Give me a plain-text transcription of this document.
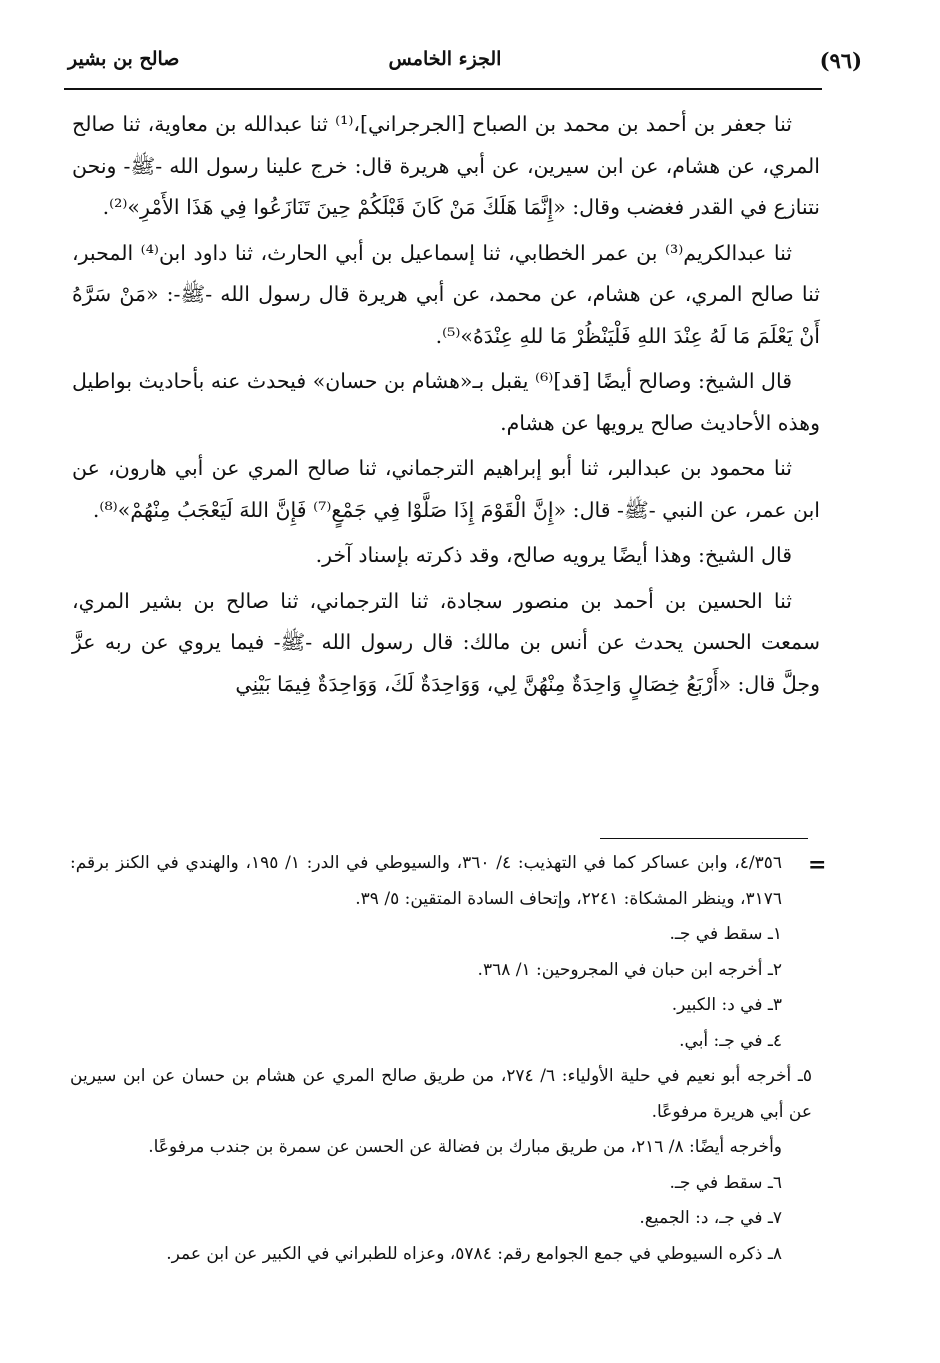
صالح بن بشير	الجزء الخامس	(٩٦)

ثنا جعفر بن أحمد بن محمد بن الصباح [الجرجراني]،⁽¹⁾ ثنا عبدالله بن معاوية، ثنا صالح المري، عن هشام، عن ابن سيرين، عن أبي هريرة قال: خرج علينا رسول الله -ﷺ- ونحن نتنازع في القدر فغضب وقال: «إِنَّمَا هَلَكَ مَنْ كَانَ قَبْلَكُمْ حِينَ تَنَازَعُوا فِي هَذَا الأَمْرِ»⁽²⁾.

ثنا عبدالكريم⁽³⁾ بن عمر الخطابي، ثنا إسماعيل بن أبي الحارث، ثنا داود ابن⁽⁴⁾ المحبر، ثنا صالح المري، عن هشام، عن محمد، عن أبي هريرة قال رسول الله -ﷺ-: «مَنْ سَرَّهُ أَنْ يَعْلَمَ مَا لَهُ عِنْدَ اللهِ فَلْيَنْظُرْ مَا للهِ عِنْدَهُ»⁽⁵⁾.

قال الشيخ: وصالح أيضًا [قد]⁽⁶⁾ يقبل بـ«هشام بن حسان» فيحدث عنه بأحاديث بواطيل وهذه الأحاديث صالح يرويها عن هشام.

ثنا محمود بن عبدالبر، ثنا أبو إبراهيم الترجماني، ثنا صالح المري عن أبي هارون، عن ابن عمر، عن النبي -ﷺ- قال: «إِنَّ الْقَوْمَ إِذَا صَلَّوْا فِي جَمْعٍ⁽⁷⁾ فَإِنَّ اللهَ لَيَعْجَبُ مِنْهُمْ»⁽⁸⁾.

قال الشيخ: وهذا أيضًا يرويه صالح، وقد ذكرته بإسناد آخر.

ثنا الحسين بن أحمد بن منصور سجادة، ثنا الترجماني، ثنا صالح بن بشير المري، سمعت الحسن يحدث عن أنس بن مالك: قال رسول الله -ﷺ- فيما يروي عن ربه عزَّ وجلَّ قال: «أَرْبَعُ خِصَالٍ وَاحِدَةٌ مِنْهُنَّ لِي، وَوَاحِدَةٌ لَكَ، وَوَاحِدَةٌ فِيمَا بَيْنِي

=

٤/٣٥٦، وابن عساكر كما في التهذيب: ٤/ ٣٦٠، والسيوطي في الدر: ١/ ١٩٥، والهندي في الكنز برقم: ٣١٧٦، وينظر المشكاة: ٢٢٤١، وإتحاف السادة المتقين: ٥/ ٣٩.

١ـ سقط في جـ.

٢ـ أخرجه ابن حبان في المجروحين: ١/ ٣٦٨.

٣ـ في د: الكبير.

٤ـ في جـ: أبي.

٥ـ أخرجه أبو نعيم في حلية الأولياء: ٦/ ٢٧٤، من طريق صالح المري عن هشام بن حسان عن ابن سيرين عن أبي هريرة مرفوعًا.

وأخرجه أيضًا: ٨/ ٢١٦، من طريق مبارك بن فضالة عن الحسن عن سمرة بن جندب مرفوعًا.

٦ـ سقط في جـ.

٧ـ في جـ، د: الجميع.

٨ـ ذكره السيوطي في جمع الجوامع رقم: ٥٧٨٤، وعزاه للطبراني في الكبير عن ابن عمر.
